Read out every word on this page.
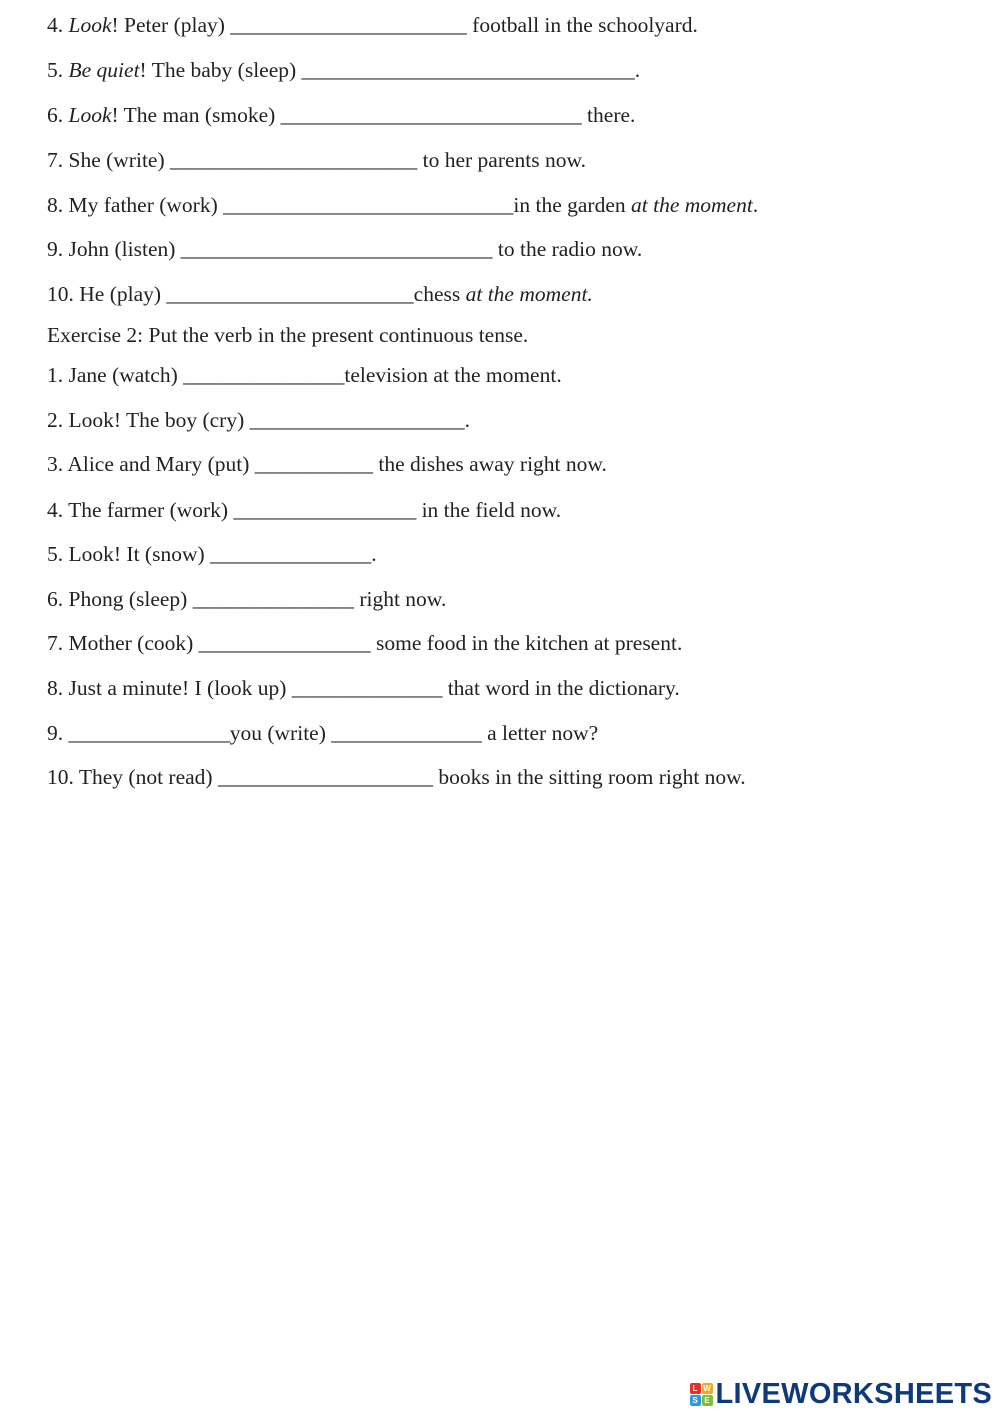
4. Look! Peter (play) ______________________ football in the schoolyard.
5. Be quiet! The baby (sleep) _______________________________.
6. Look! The man (smoke) ____________________________ there.
7. She (write) _______________________ to her parents now.
8. My father (work) ___________________________in the garden at the moment.
9. John (listen) _____________________________ to the radio now.
10. He (play) _______________________chess at the moment.
Exercise 2: Put the verb in the present continuous tense.
1. Jane (watch) _______________television at the moment.
2. Look! The boy (cry) ____________________.
3. Alice and Mary (put) ___________ the dishes away right now.
4. The farmer (work) _________________ in the field now.
5. Look! It (snow) _______________.
6. Phong (sleep) _______________ right now.
7. Mother (cook) ________________ some food in the kitchen at present.
8. Just a minute! I (look up) ______________ that word in the dictionary.
9. _______________you (write) ______________ a letter now?
10. They (not read) ____________________ books in the sitting room right now.
L W
S E LIVEWORKSHEETS
